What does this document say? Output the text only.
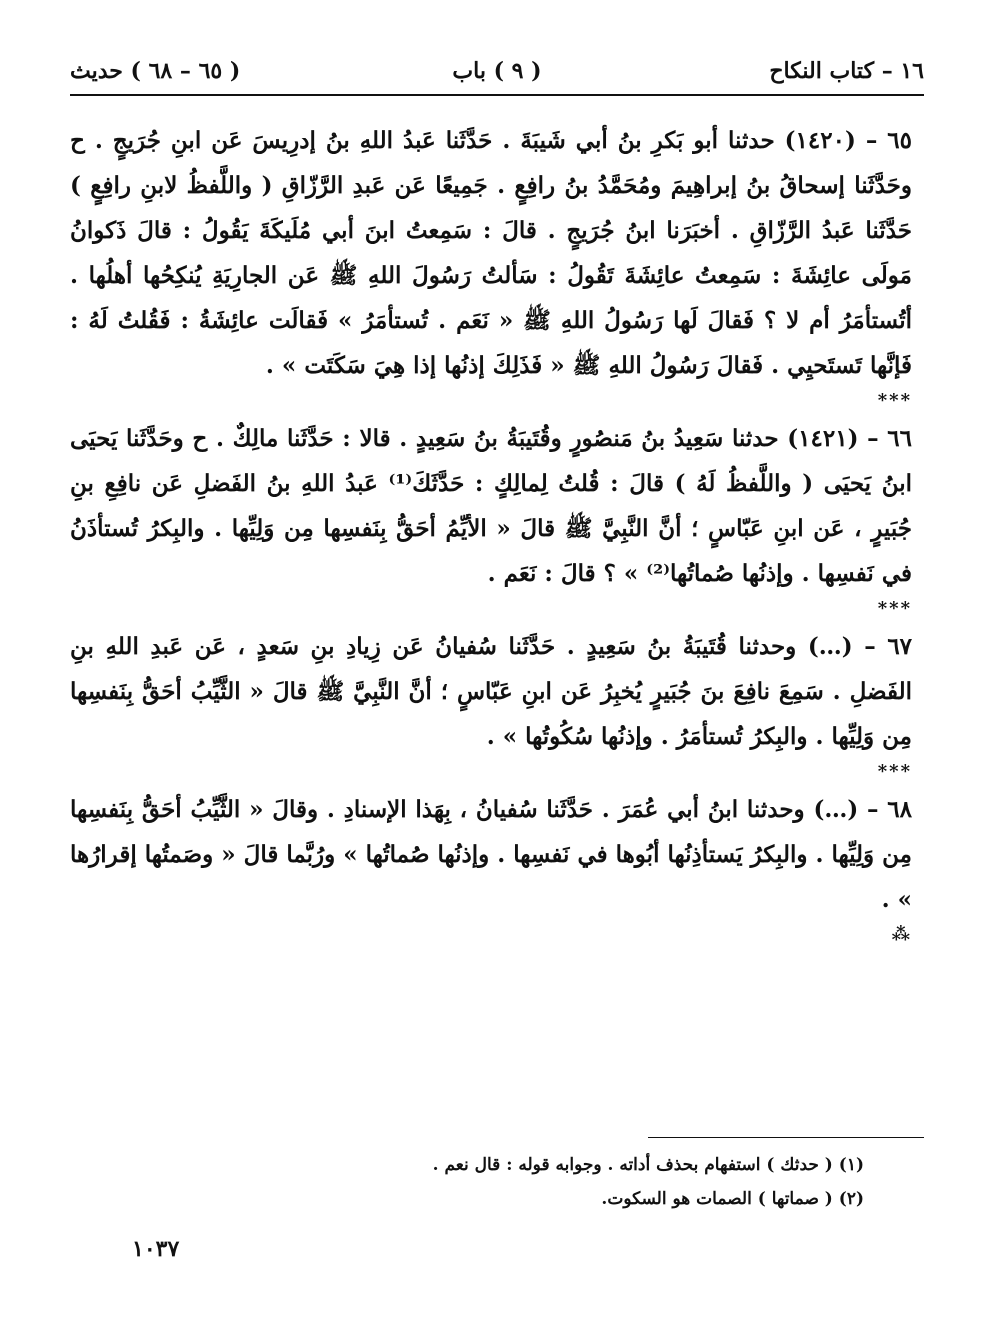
١٦ – كتاب النكاح
( ٩ ) باب
( ٦٥ – ٦٨ ) حديث

٦٥ – (١٤٢٠) حدثنا أبو بَكرِ بنُ أبي شَيبَةَ . حَدَّثَنا عَبدُ اللهِ بنُ إدرِيسَ عَن ابنِ جُرَيجٍ . ح وحَدَّثَنا إسحاقُ بنُ إبراهِيمَ ومُحَمَّدُ بنُ رافِعٍ . جَمِيعًا عَن عَبدِ الرَّزّاقِ ( واللَّفظُ لابنِ رافِعٍ ) حَدَّثَنا عَبدُ الرَّزّاقِ . أخبَرَنا ابنُ جُرَيجٍ . قالَ : سَمِعتُ ابنَ أبي مُلَيكَةَ يَقُولُ : قالَ ذَكوانُ مَولَى عائِشَةَ : سَمِعتُ عائِشَةَ تَقُولُ : سَألتُ رَسُولَ اللهِ ﷺ عَن الجارِيَةِ يُنكِحُها أهلُها . أتُستأمَرُ أم لا ؟ فَقالَ لَها رَسُولُ اللهِ ﷺ « نَعَم . تُستأمَرُ » فَقالَت عائِشَةُ : فَقُلتُ لَهُ : فَإنَّها تَستَحيِي . فَقالَ رَسُولُ اللهِ ﷺ « فَذَلِكَ إذنُها إذا هِيَ سَكَتَت » .

***

٦٦ – (١٤٢١) حدثنا سَعِيدُ بنُ مَنصُورٍ وقُتَيبَةُ بنُ سَعِيدٍ . قالا : حَدَّثَنا مالِكٌ . ح وحَدَّثَنا يَحيَى ابنُ يَحيَى ( واللَّفظُ لَهُ ) قالَ : قُلتُ لِمالِكٍ : حَدَّثَكَ⁽¹⁾ عَبدُ اللهِ بنُ الفَضلِ عَن نافِعِ بنِ جُبَيرٍ ، عَن ابنِ عَبّاسٍ ؛ أنَّ النَّبِيَّ ﷺ قالَ « الأيِّمُ أحَقُّ بِنَفسِها مِن وَلِيِّها . والبِكرُ تُستأذَنُ في نَفسِها . وإذنُها صُماتُها⁽²⁾ » ؟ قالَ : نَعَم .

***

٦٧ – (…) وحدثنا قُتَيبَةُ بنُ سَعِيدٍ . حَدَّثَنا سُفيانُ عَن زِيادِ بنِ سَعدٍ ، عَن عَبدِ اللهِ بنِ الفَضلِ . سَمِعَ نافِعَ بنَ جُبَيرٍ يُخبِرُ عَن ابنِ عَبّاسٍ ؛ أنَّ النَّبِيَّ ﷺ قالَ « الثَّيِّبُ أحَقُّ بِنَفسِها مِن وَلِيِّها . والبِكرُ تُستأمَرُ . وإذنُها سُكُوتُها » .

***

٦٨ – (…) وحدثنا ابنُ أبي عُمَرَ . حَدَّثَنا سُفيانُ ، بِهَذا الإسنادِ . وقالَ « الثَّيِّبُ أحَقُّ بِنَفسِها مِن وَلِيِّها . والبِكرُ يَستأذِنُها أبُوها في نَفسِها . وإذنُها صُماتُها » ورُبَّما قالَ « وصَمتُها إقرارُها » .

⁂

(١) ( حدثك ) استفهام بحذف أداته . وجوابه قوله : قال نعم .

(٢) ( صماتها ) الصمات هو السكوت.

١٠٣٧
